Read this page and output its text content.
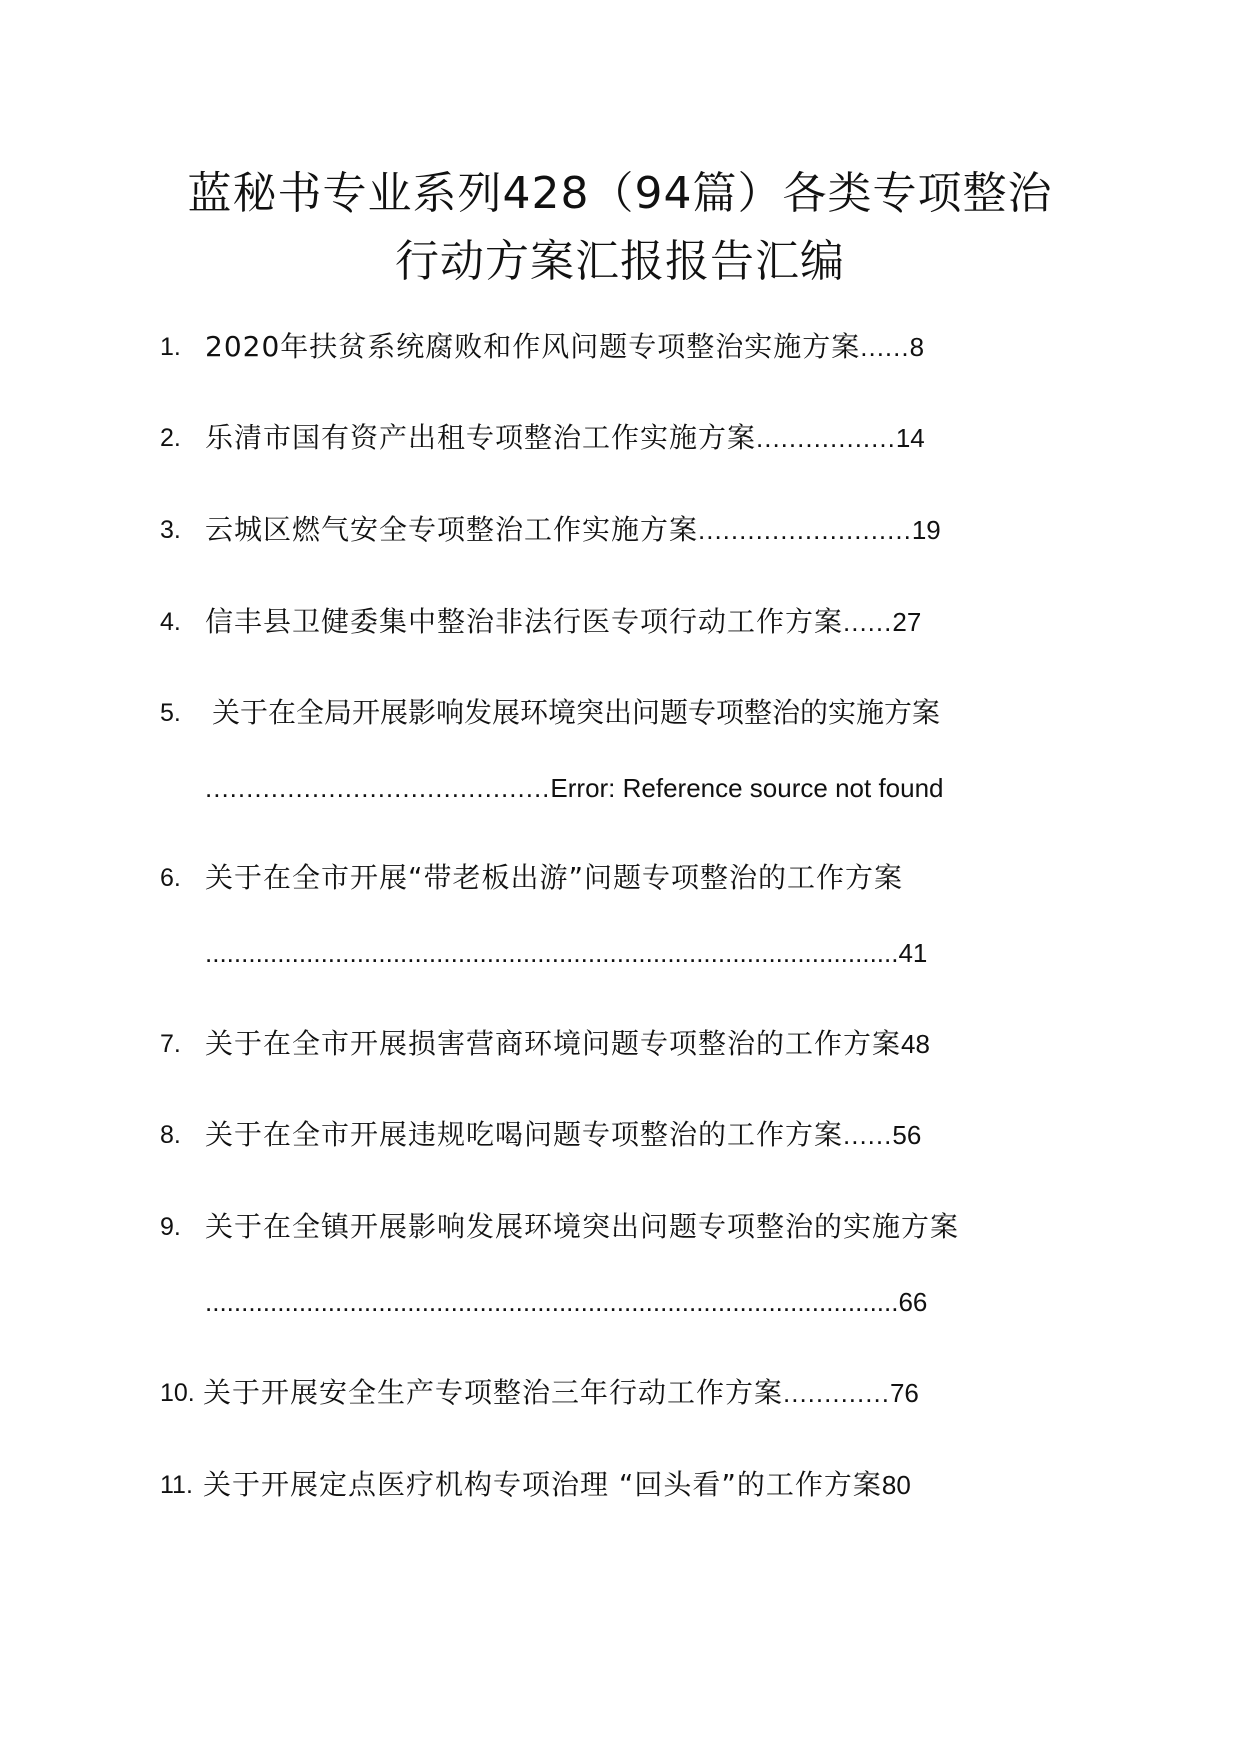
蓝秘书专业系列428（94篇）各类专项整治
行动方案汇报报告汇编
1. 2020年扶贫系统腐败和作风问题专项整治实施方案 ...... 8
2. 乐清市国有资产出租专项整治工作实施方案 ................. 14
3. 云城区燃气安全专项整治工作实施方案 .......................... 19
4. 信丰县卫健委集中整治非法行医专项行动工作方案 ...... 27
5. 关于在全局开展影响发展环境突出问题专项整治的实施方案
.......................................... Error: Reference source not found
6. 关于在全市开展“带老板出游”问题专项整治的工作方案
................................................................................................ 41
7. 关于在全市开展损害营商环境问题专项整治的工作方案 48
8. 关于在全市开展违规吃喝问题专项整治的工作方案 ...... 56
9. 关于在全镇开展影响发展环境突出问题专项整治的实施方案
................................................................................................ 66
10. 关于开展安全生产专项整治三年行动工作方案 ............. 76
11. 关于开展定点医疗机构专项治理 “回头看”的工作方案 80
